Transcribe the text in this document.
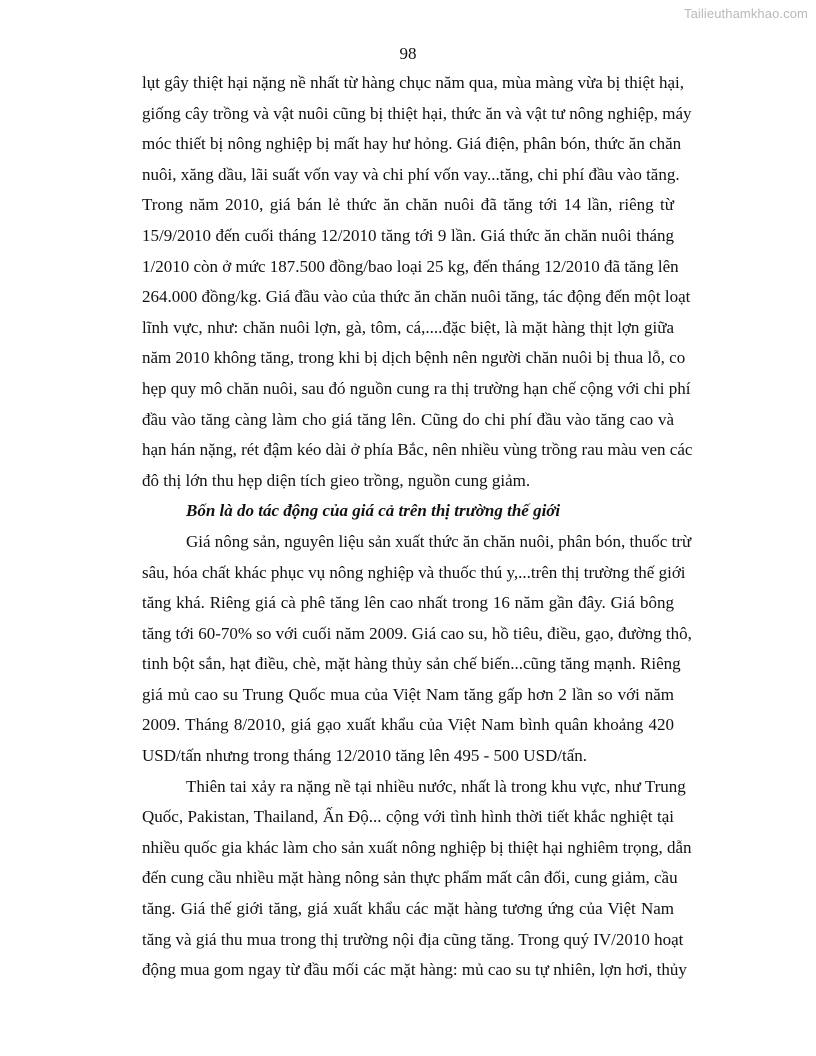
Tailieuthamkhao.com
98
lụt gây thiệt hại nặng nề nhất từ hàng chục năm qua, mùa màng vừa bị thiệt hại,
giống cây trồng và vật nuôi cũng bị thiệt hại, thức ăn và vật tư nông nghiệp, máy
móc thiết bị nông nghiệp bị mất hay hư hỏng. Giá điện, phân bón, thức ăn chăn
nuôi, xăng dầu, lãi suất vốn vay và chi phí vốn vay...tăng, chi phí đầu vào tăng.
Trong năm 2010, giá bán lẻ thức ăn chăn nuôi đã tăng tới 14 lần, riêng từ
15/9/2010 đến cuối tháng 12/2010 tăng tới 9 lần. Giá thức ăn chăn nuôi tháng
1/2010 còn ở mức 187.500 đồng/bao loại 25 kg, đến tháng 12/2010 đã tăng lên
264.000 đồng/kg. Giá đầu vào của thức ăn chăn nuôi tăng, tác động đến một loạt
lĩnh vực, như: chăn nuôi lợn, gà, tôm, cá,....đặc biệt, là mặt hàng thịt lợn giữa
năm 2010 không tăng, trong khi bị dịch bệnh nên người chăn nuôi bị thua lỗ, co
hẹp quy mô chăn nuôi, sau đó nguồn cung ra thị trường hạn chế cộng với chi phí
đầu vào tăng càng làm cho giá tăng lên. Cũng do chi phí đầu vào tăng cao và
hạn hán nặng, rét đậm kéo dài ở phía Bắc, nên nhiều vùng trồng rau màu ven các
đô thị lớn thu hẹp diện tích gieo trồng, nguồn cung giảm.
Bốn là do tác động của giá cả trên thị trường thế giới
Giá nông sản, nguyên liệu sản xuất thức ăn chăn nuôi, phân bón, thuốc trừ
sâu, hóa chất khác phục vụ nông nghiệp và thuốc thú y,...trên thị trường thế giới
tăng khá. Riêng giá cà phê tăng lên cao nhất trong 16 năm gần đây. Giá bông
tăng tới 60-70% so với cuối năm 2009. Giá cao su, hồ tiêu, điều, gạo, đường thô,
tinh bột sắn, hạt điều, chè, mặt hàng thủy sản chế biến...cũng tăng mạnh. Riêng
giá mủ cao su Trung Quốc mua của Việt Nam tăng gấp hơn 2 lần so với năm
2009. Tháng 8/2010, giá gạo xuất khẩu của Việt Nam bình quân khoảng 420
USD/tấn nhưng trong tháng 12/2010 tăng lên 495 - 500 USD/tấn.
Thiên tai xảy ra nặng nề tại nhiều nước, nhất là trong khu vực, như Trung
Quốc, Pakistan, Thailand, Ấn Độ... cộng với tình hình thời tiết khắc nghiệt tại
nhiều quốc gia khác làm cho sản xuất nông nghiệp bị thiệt hại nghiêm trọng, dẫn
đến cung cầu nhiều mặt hàng nông sản thực phẩm mất cân đối, cung giảm, cầu
tăng. Giá thế giới tăng, giá xuất khẩu các mặt hàng tương ứng của Việt Nam
tăng và giá thu mua trong thị trường nội địa cũng tăng. Trong quý IV/2010 hoạt
động mua gom ngay từ đầu mối các mặt hàng: mủ cao su tự nhiên, lợn hơi, thủy
